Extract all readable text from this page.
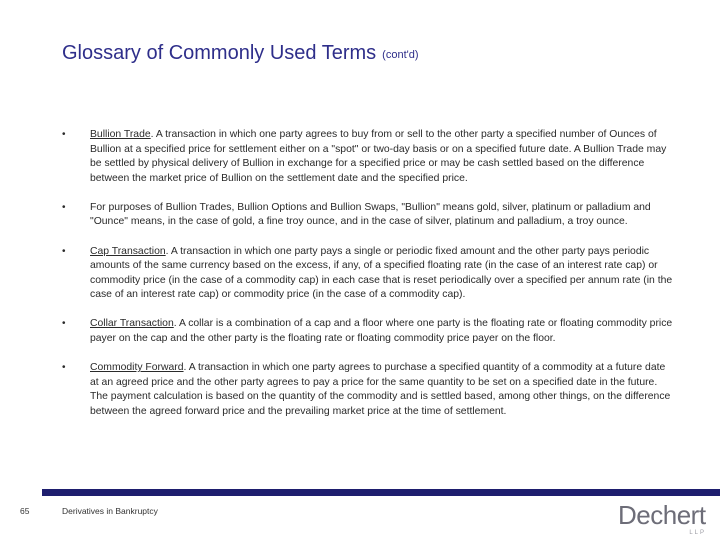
Glossary of Commonly Used Terms (cont'd)
•	Bullion Trade. A transaction in which one party agrees to buy from or sell to the other party a specified number of Ounces of Bullion at a specified price for settlement either on a "spot" or two-day basis or on a specified future date. A Bullion Trade may be settled by physical delivery of Bullion in exchange for a specified price or may be cash settled based on the difference between the market price of Bullion on the settlement date and the specified price.
•	For purposes of Bullion Trades, Bullion Options and Bullion Swaps, "Bullion" means gold, silver, platinum or palladium and "Ounce" means, in the case of gold, a fine troy ounce, and in the case of silver, platinum and palladium, a troy ounce.
•	Cap Transaction. A transaction in which one party pays a single or periodic fixed amount and the other party pays periodic amounts of the same currency based on the excess, if any, of a specified floating rate (in the case of an interest rate cap) or commodity price (in the case of a commodity cap) in each case that is reset periodically over a specified per annum rate (in the case of an interest rate cap) or commodity price (in the case of a commodity cap).
•	Collar Transaction. A collar is a combination of a cap and a floor where one party is the floating rate or floating commodity price payer on the cap and the other party is the floating rate or floating commodity price payer on the floor.
•	Commodity Forward. A transaction in which one party agrees to purchase a specified quantity of a commodity at a future date at an agreed price and the other party agrees to pay a price for the same quantity to be set on a specified date in the future. The payment calculation is based on the quantity of the commodity and is settled based, among other things, on the difference between the agreed forward price and the prevailing market price at the time of settlement.
65	Derivatives in Bankruptcy	Dechert
LLP
